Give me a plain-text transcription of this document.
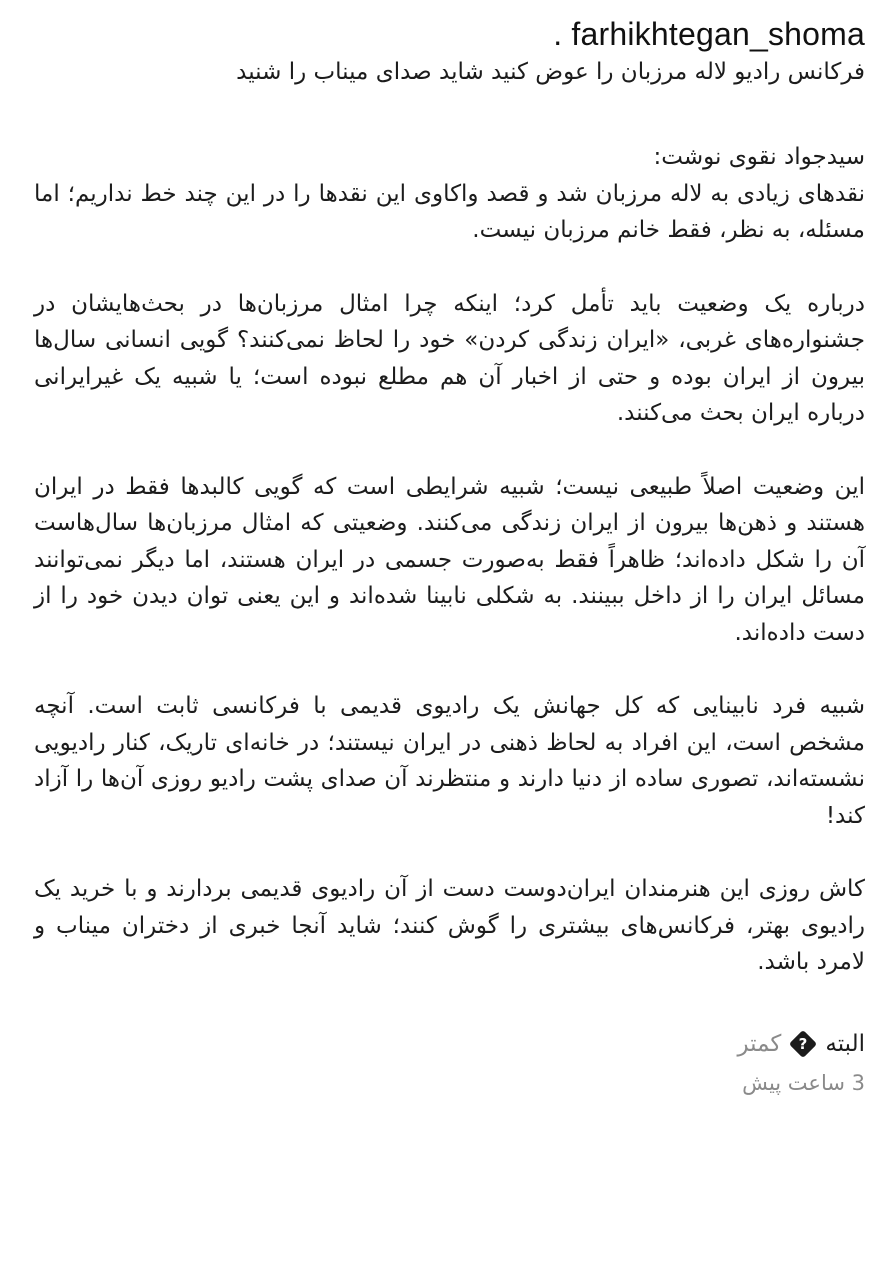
. farhikhtegan_shoma
فرکانس رادیو لاله مرزبان را عوض کنید شاید صدای میناب را شنید
سیدجواد نقوی نوشت:
نقدهای زیادی به لاله مرزبان شد و قصد واکاوی این نقدها را در این چند خط نداریم؛ اما مسئله، به نظر، فقط خانم مرزبان نیست.
درباره یک وضعیت باید تأمل کرد؛ اینکه چرا امثال مرزبان‌ها در بحث‌هایشان در جشنواره‌های غربی، «ایران زندگی کردن» خود را لحاظ نمی‌کنند؟ گویی انسانی سال‌ها بیرون از ایران بوده و حتی از اخبار آن هم مطلع نبوده است؛ یا شبیه یک غیرایرانی درباره ایران بحث می‌کنند.
این وضعیت اصلاً طبیعی نیست؛ شبیه شرایطی است که گویی کالبدها فقط در ایران هستند و ذهن‌ها بیرون از ایران زندگی می‌کنند. وضعیتی که امثال مرزبان‌ها سال‌هاست آن را شکل داده‌اند؛ ظاهراً فقط به‌صورت جسمی در ایران هستند، اما دیگر نمی‌توانند مسائل ایران را از داخل ببینند. به شکلی نابینا شده‌اند و این یعنی توان دیدن خود را از دست داده‌اند.
شبیه فرد نابینایی که کل جهانش یک رادیوی قدیمی با فرکانسی ثابت است. آنچه مشخص است، این افراد به لحاظ ذهنی در ایران نیستند؛ در خانه‌ای تاریک، کنار رادیویی نشسته‌اند، تصوری ساده از دنیا دارند و منتظرند آن صدای پشت رادیو روزی آن‌ها را آزاد کند!
کاش روزی این هنرمندان ایران‌دوست دست از آن رادیوی قدیمی بردارند و با خرید یک رادیوی بهتر، فرکانس‌های بیشتری را گوش کنند؛ شاید آنجا خبری از دختران میناب و لامرد باشد.
البته
?
کمتر
3 ساعت پیش
